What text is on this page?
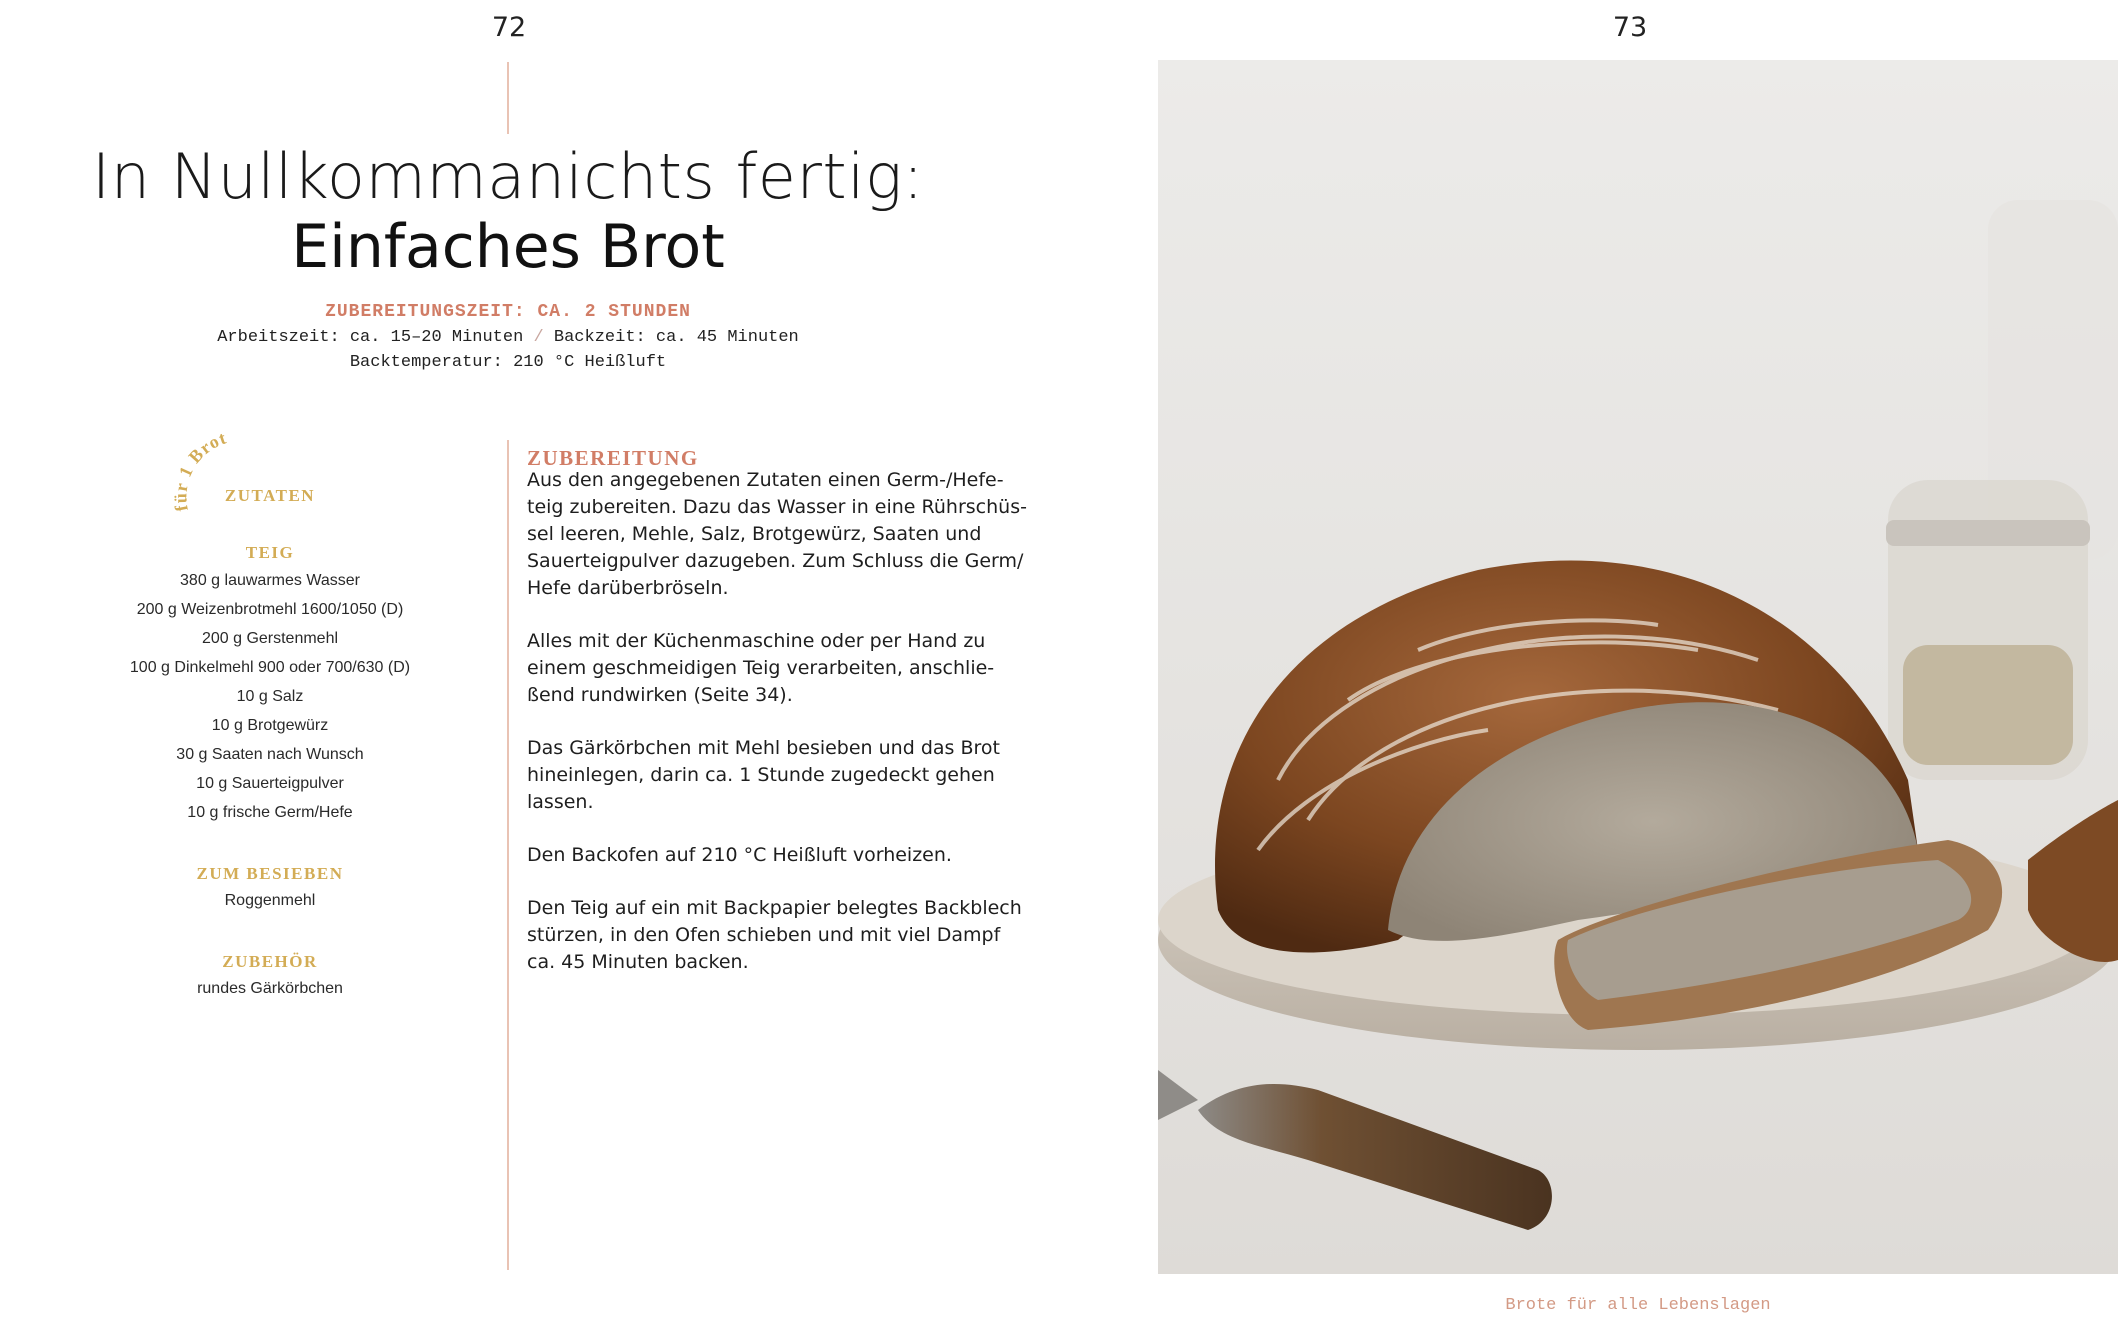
72	73
In Nullkommanichts fertig:
Einfaches Brot
ZUBEREITUNGSZEIT: CA. 2 STUNDEN
Arbeitszeit: ca. 15–20 Minuten / Backzeit: ca. 45 Minuten
Backtemperatur: 210 °C Heißluft
für 1 Brot
ZUTATEN
TEIG
380 g lauwarmes Wasser
200 g Weizenbrotmehl 1600/1050 (D)
200 g Gerstenmehl
100 g Dinkelmehl 900 oder 700/630 (D)
10 g Salz
10 g Brotgewürz
30 g Saaten nach Wunsch
10 g Sauerteigpulver
10 g frische Germ/Hefe
ZUM BESIEBEN
Roggenmehl
ZUBEHÖR
rundes Gärkörbchen
ZUBEREITUNG

Aus den angegebenen Zutaten einen Germ-/Hefe-
teig zubereiten. Dazu das Wasser in eine Rührschüs-
sel leeren, Mehle, Salz, Brotgewürz, Saaten und
Sauerteigpulver dazugeben. Zum Schluss die Germ/
Hefe darüberbröseln.

Alles mit der Küchenmaschine oder per Hand zu
einem geschmeidigen Teig verarbeiten, anschlie-
ßend rundwirken (Seite 34).

Das Gärkörbchen mit Mehl besieben und das Brot
hineinlegen, darin ca. 1 Stunde zugedeckt gehen
lassen.

Den Backofen auf 210 °C Heißluft vorheizen.

Den Teig auf ein mit Backpapier belegtes Backblech
stürzen, in den Ofen schieben und mit viel Dampf
ca. 45 Minuten backen.

Brote für alle Lebenslagen
